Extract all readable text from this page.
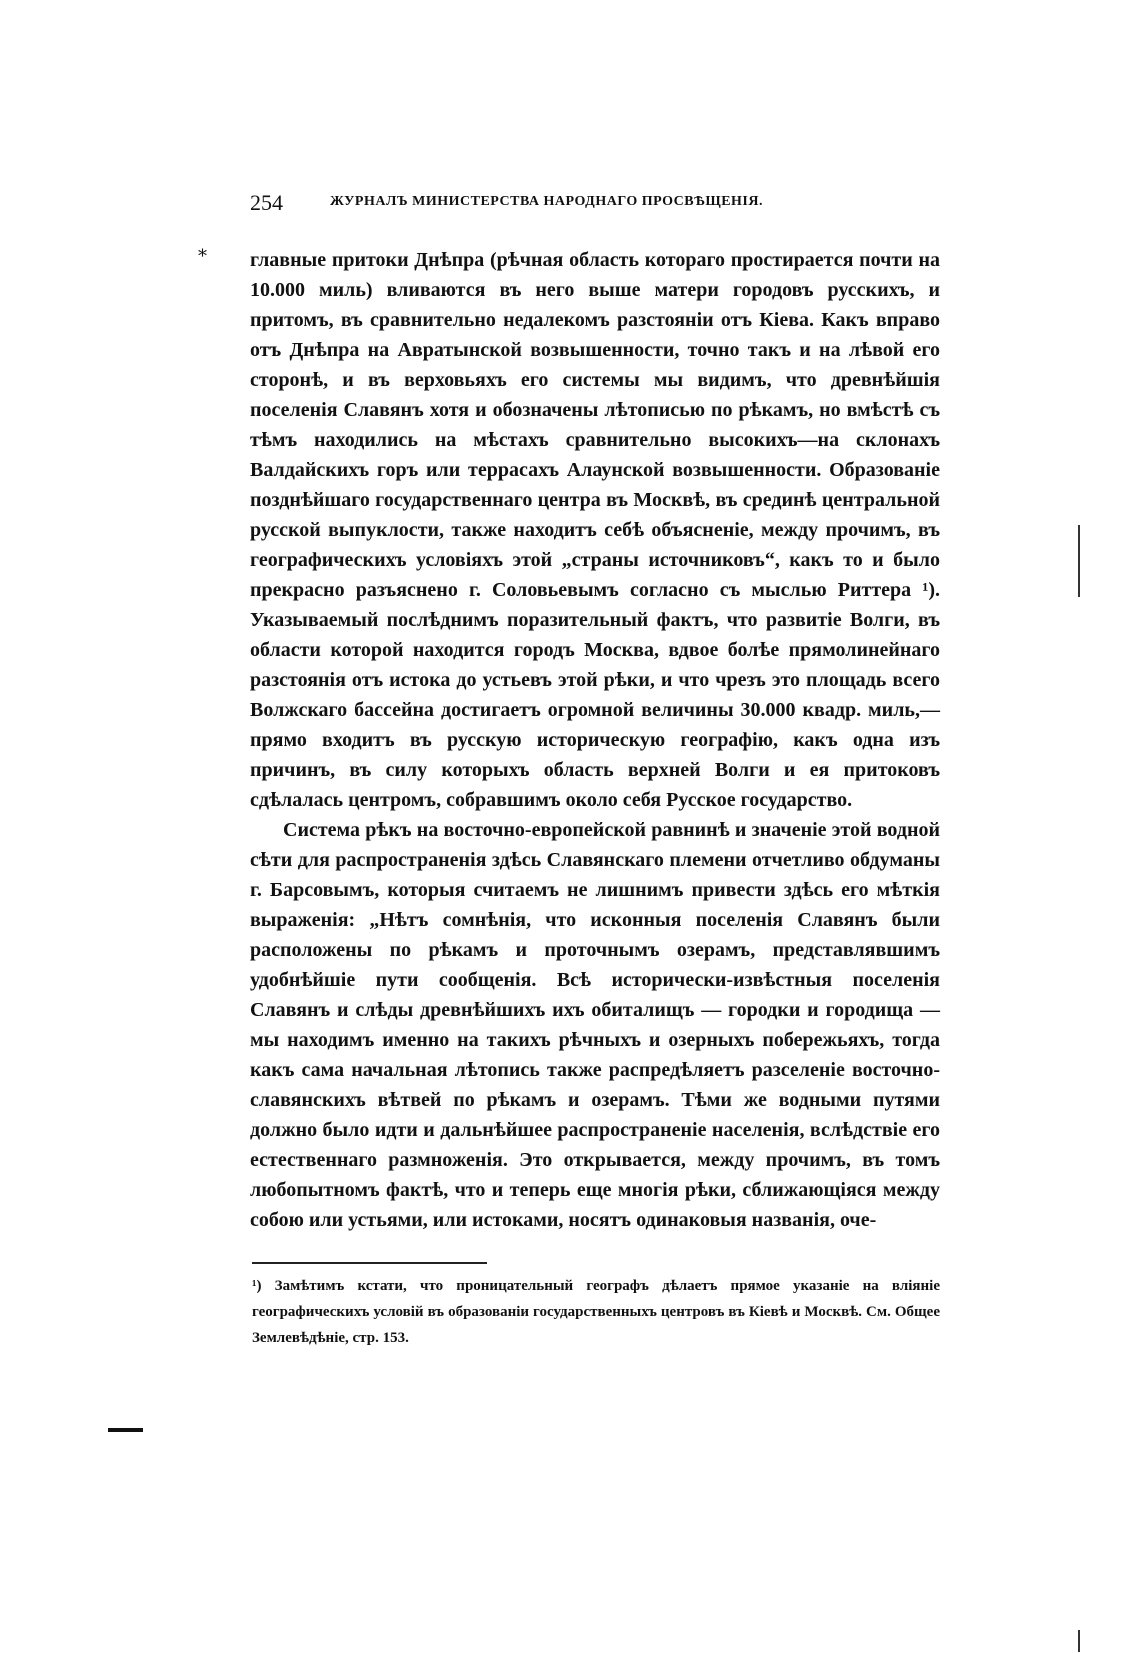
254	ЖУРНАЛЪ МИНИСТЕРСТВА НАРОДНАГО ПРОСВѢЩЕНІЯ.
* главные притоки Днѣпра (рѣчная область котораго простирается почти на 10.000 миль) вливаются въ него выше матери городовъ русскихъ, и притомъ, въ сравнительно недалекомъ разстояніи отъ Кіева. Какъ вправо отъ Днѣпра на Авратынской возвышенности, точно такъ и на лѣвой его сторонѣ, и въ верховьяхъ его системы мы видимъ, что древнѣйшія поселенія Славянъ хотя и обозначены лѣтописью по рѣкамъ, но вмѣстѣ съ тѣмъ находились на мѣстахъ сравнительно высокихъ—на склонахъ Валдайскихъ горъ или террасахъ Алаунской возвышенности. Образованіе позднѣйшаго государственнаго центра въ Москвѣ, въ срединѣ центральной русской выпуклости, также находитъ себѣ объясненіе, между прочимъ, въ географическихъ условіяхъ этой „страны источниковъ“, какъ то и было прекрасно разъяснено г. Соловьевымъ согласно съ мыслью Риттера ¹). Указываемый послѣднимъ поразительный фактъ, что развитіе Волги, въ области которой находится городъ Москва, вдвое болѣе прямолинейнаго разстоянія отъ истока до устьевъ этой рѣки, и что чрезъ это площадь всего Волжскаго бассейна достигаетъ огромной величины 30.000 квадр. миль,—прямо входитъ въ русскую историческую географію, какъ одна изъ причинъ, въ силу которыхъ область верхней Волги и ея притоковъ сдѣлалась центромъ, собравшимъ около себя Русское государство.

Система рѣкъ на восточно-европейской равнинѣ и значеніе этой водной сѣти для распространенія здѣсь Славянскаго племени отчетливо обдуманы г. Барсовымъ, которыя считаемъ не лишнимъ привести здѣсь его мѣткія выраженія: „Нѣтъ сомнѣнія, что исконныя поселенія Славянъ были расположены по рѣкамъ и проточнымъ озерамъ, представлявшимъ удобнѣйшіе пути сообщенія. Всѣ исторически-извѣстныя поселенія Славянъ и слѣды древнѣйшихъ ихъ обиталищъ — городки и городища — мы находимъ именно на такихъ рѣчныхъ и озерныхъ побережьяхъ, тогда какъ сама начальная лѣтопись также распредѣляетъ разселеніе восточно-славянскихъ вѣтвей по рѣкамъ и озерамъ. Тѣми же водными путями должно было идти и дальнѣйшее распространеніе населенія, вслѣдствіе его естественнаго размноженія. Это открывается, между прочимъ, въ томъ любопытномъ фактѣ, что и теперь еще многія рѣки, сближающіяся между собою или устьями, или истоками, носятъ одинаковыя названія, оче-

¹) Замѣтимъ кстати, что проницательный географъ дѣлаетъ прямое указаніе на вліяніе географическихъ условій въ образованіи государственныхъ центровъ въ Кіевѣ и Москвѣ. См. Общее Землевѣдѣніе, стр. 153.
